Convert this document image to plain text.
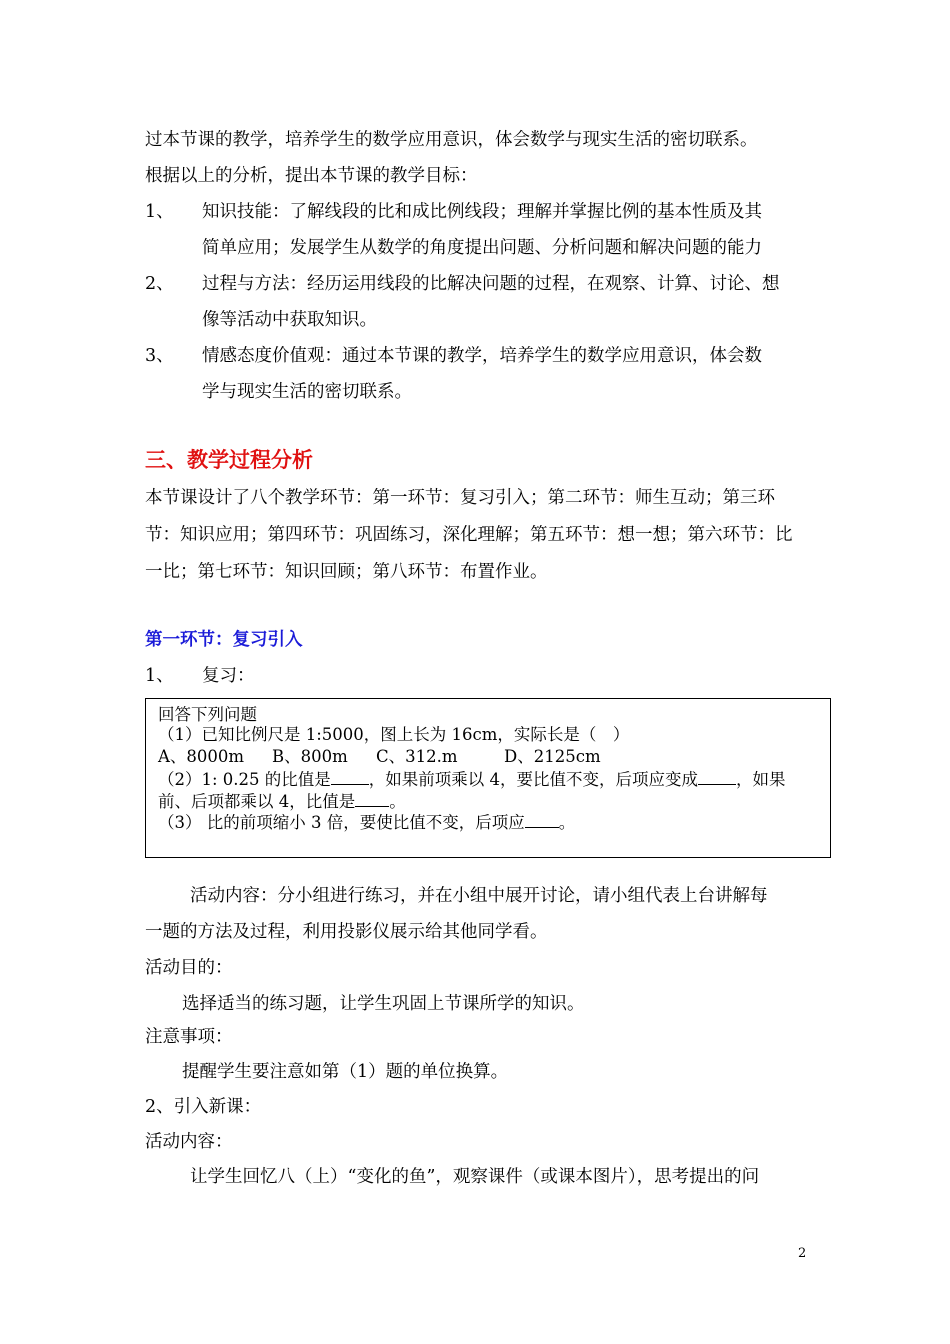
过本节课的教学，培养学生的数学应用意识，体会数学与现实生活的密切联系。
根据以上的分析，提出本节课的教学目标：
1、 知识技能：了解线段的比和成比例线段；理解并掌握比例的基本性质及其
简单应用；发展学生从数学的角度提出问题、分析问题和解决问题的能力
2、 过程与方法：经历运用线段的比解决问题的过程，在观察、计算、讨论、想
像等活动中获取知识。
3、 情感态度价值观：通过本节课的教学，培养学生的数学应用意识，体会数
学与现实生活的密切联系。
三、教学过程分析
本节课设计了八个教学环节：第一环节：复习引入；第二环节：师生互动；第三环
节：知识应用；第四环节：巩固练习，深化理解；第五环节：想一想；第六环节：比
一比；第七环节：知识回顾；第八环节：布置作业。
第一环节：复习引入
1、 复习：
回答下列问题
（1）已知比例尺是 1:5000，图上长为 16cm，实际长是（　）
A、8000m B、800m C、312.m	D、2125cm
（2）1: 0.25 的比值是 ，如果前项乘以 4，要比值不变，后项应变成 ，如果
前、后项都乘以 4，比值是 。
（3） 比的前项缩小 3 倍，要使比值不变，后项应 。
活动内容：分小组进行练习，并在小组中展开讨论，请小组代表上台讲解每
一题的方法及过程，利用投影仪展示给其他同学看。
活动目的：
选择适当的练习题，让学生巩固上节课所学的知识。
注意事项：
提醒学生要注意如第（1）题的单位换算。
2、引入新课：
活动内容：
让学生回忆八（上）“变化的鱼”，观察课件（或课本图片），思考提出的问
2
